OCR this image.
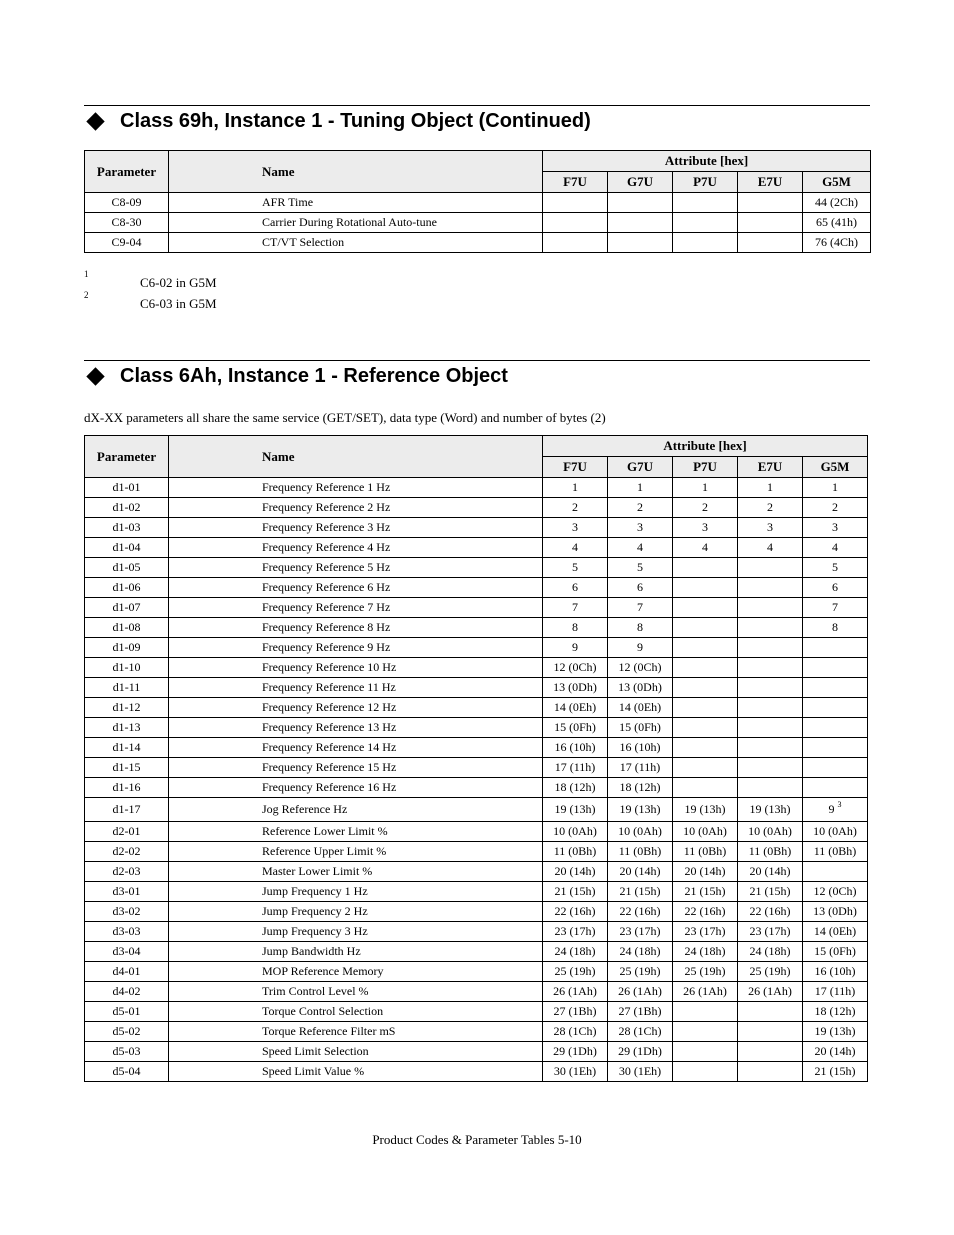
Class 69h, Instance 1 - Tuning Object (Continued)
Parameter	Name	Attribute [hex]				
		F7U	G7U	P7U	E7U	G5M
C8-09	AFR Time					44 (2Ch)
C8-30	Carrier During Rotational Auto-tune					65 (41h)
C9-04	CT/VT Selection					76 (4Ch)
1
C6-02 in G5M
2
C6-03 in G5M
Class 6Ah, Instance 1 - Reference Object
dX-XX parameters all share the same service (GET/SET), data type (Word) and number of bytes (2)
Parameter	Name	Attribute [hex]				
		F7U	G7U	P7U	E7U	G5M
d1-01	Frequency Reference 1 Hz	1	1	1	1	1
d1-02	Frequency Reference 2 Hz	2	2	2	2	2
d1-03	Frequency Reference 3 Hz	3	3	3	3	3
d1-04	Frequency Reference 4 Hz	4	4	4	4	4
d1-05	Frequency Reference 5 Hz	5	5			5
d1-06	Frequency Reference 6 Hz	6	6			6
d1-07	Frequency Reference 7 Hz	7	7			7
d1-08	Frequency Reference 8 Hz	8	8			8
d1-09	Frequency Reference 9 Hz	9	9			
d1-10	Frequency Reference 10 Hz	12 (0Ch)	12 (0Ch)			
d1-11	Frequency Reference 11 Hz	13 (0Dh)	13 (0Dh)			
d1-12	Frequency Reference 12 Hz	14 (0Eh)	14 (0Eh)			
d1-13	Frequency Reference 13 Hz	15 (0Fh)	15 (0Fh)			
d1-14	Frequency Reference 14 Hz	16 (10h)	16 (10h)			
d1-15	Frequency Reference 15 Hz	17 (11h)	17 (11h)			
d1-16	Frequency Reference 16 Hz	18 (12h)	18 (12h)			
d1-17	Jog Reference Hz	19 (13h)	19 (13h)	19 (13h)	19 (13h)	9 $^3$
d2-01	Reference Lower Limit %	10 (0Ah)	10 (0Ah)	10 (0Ah)	10 (0Ah)	10 (0Ah)
d2-02	Reference Upper Limit %	11 (0Bh)	11 (0Bh)	11 (0Bh)	11 (0Bh)	11 (0Bh)
d2-03	Master Lower Limit %	20 (14h)	20 (14h)	20 (14h)	20 (14h)	
d3-01	Jump Frequency 1 Hz	21 (15h)	21 (15h)	21 (15h)	21 (15h)	12 (0Ch)
d3-02	Jump Frequency 2 Hz	22 (16h)	22 (16h)	22 (16h)	22 (16h)	13 (0Dh)
d3-03	Jump Frequency 3 Hz	23 (17h)	23 (17h)	23 (17h)	23 (17h)	14 (0Eh)
d3-04	Jump Bandwidth Hz	24 (18h)	24 (18h)	24 (18h)	24 (18h)	15 (0Fh)
d4-01	MOP Reference Memory	25 (19h)	25 (19h)	25 (19h)	25 (19h)	16 (10h)
d4-02	Trim Control Level %	26 (1Ah)	26 (1Ah)	26 (1Ah)	26 (1Ah)	17 (11h)
d5-01	Torque Control Selection	27 (1Bh)	27 (1Bh)			18 (12h)
d5-02	Torque Reference Filter mS	28 (1Ch)	28 (1Ch)			19 (13h)
d5-03	Speed Limit Selection	29 (1Dh)	29 (1Dh)			20 (14h)
d5-04	Speed Limit Value %	30 (1Eh)	30 (1Eh)			21 (15h)
Product Codes & Parameter Tables 5-10
